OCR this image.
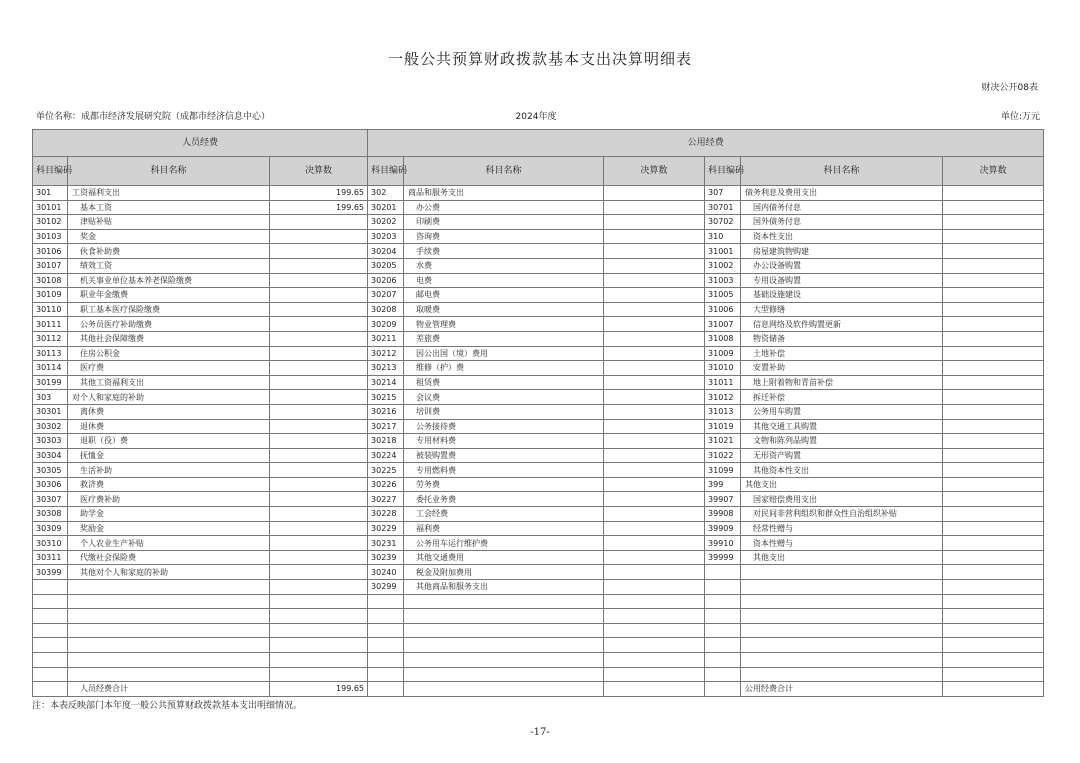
一般公共预算财政拨款基本支出决算明细表
财决公开08表
单位名称：成都市经济发展研究院（成都市经济信息中心）	2024年度	单位:万元
人员经费			公用经费					
科目编码	科目名称	决算数	科目编码	科目名称	决算数	科目编码	科目名称	决算数
301	工资福利支出	199.65	302	商品和服务支出		307	债务利息及费用支出	
30101	基本工资	199.65	30201	办公费		30701	国内债务付息	
30102	津贴补贴		30202	印刷费		30702	国外债务付息	
30103	奖金		30203	咨询费		310	资本性支出	
30106	伙食补助费		30204	手续费		31001	房屋建筑物购建	
30107	绩效工资		30205	水费		31002	办公设备购置	
30108	机关事业单位基本养老保险缴费		30206	电费		31003	专用设备购置	
30109	职业年金缴费		30207	邮电费		31005	基础设施建设	
30110	职工基本医疗保险缴费		30208	取暖费		31006	大型修缮	
30111	公务员医疗补助缴费		30209	物业管理费		31007	信息网络及软件购置更新	
30112	其他社会保障缴费		30211	差旅费		31008	物资储备	
30113	住房公积金		30212	因公出国（境）费用		31009	土地补偿	
30114	医疗费		30213	维修（护）费		31010	安置补助	
30199	其他工资福利支出		30214	租赁费		31011	地上附着物和青苗补偿	
303	对个人和家庭的补助		30215	会议费		31012	拆迁补偿	
30301	离休费		30216	培训费		31013	公务用车购置	
30302	退休费		30217	公务接待费		31019	其他交通工具购置	
30303	退职（役）费		30218	专用材料费		31021	文物和陈列品购置	
30304	抚恤金		30224	被装购置费		31022	无形资产购置	
30305	生活补助		30225	专用燃料费		31099	其他资本性支出	
30306	救济费		30226	劳务费		399	其他支出	
30307	医疗费补助		30227	委托业务费		39907	国家赔偿费用支出	
30308	助学金		30228	工会经费		39908	对民间非营利组织和群众性自治组织补贴	
30309	奖励金		30229	福利费		39909	经常性赠与	
30310	个人农业生产补贴		30231	公务用车运行维护费		39910	资本性赠与	
30311	代缴社会保险费		30239	其他交通费用		39999	其他支出	
30399	其他对个人和家庭的补助		30240	税金及附加费用				
			30299	其他商品和服务支出				

	人员经费合计	199.65					公用经费合计	
注：本表反映部门本年度一般公共预算财政拨款基本支出明细情况。
-17-
